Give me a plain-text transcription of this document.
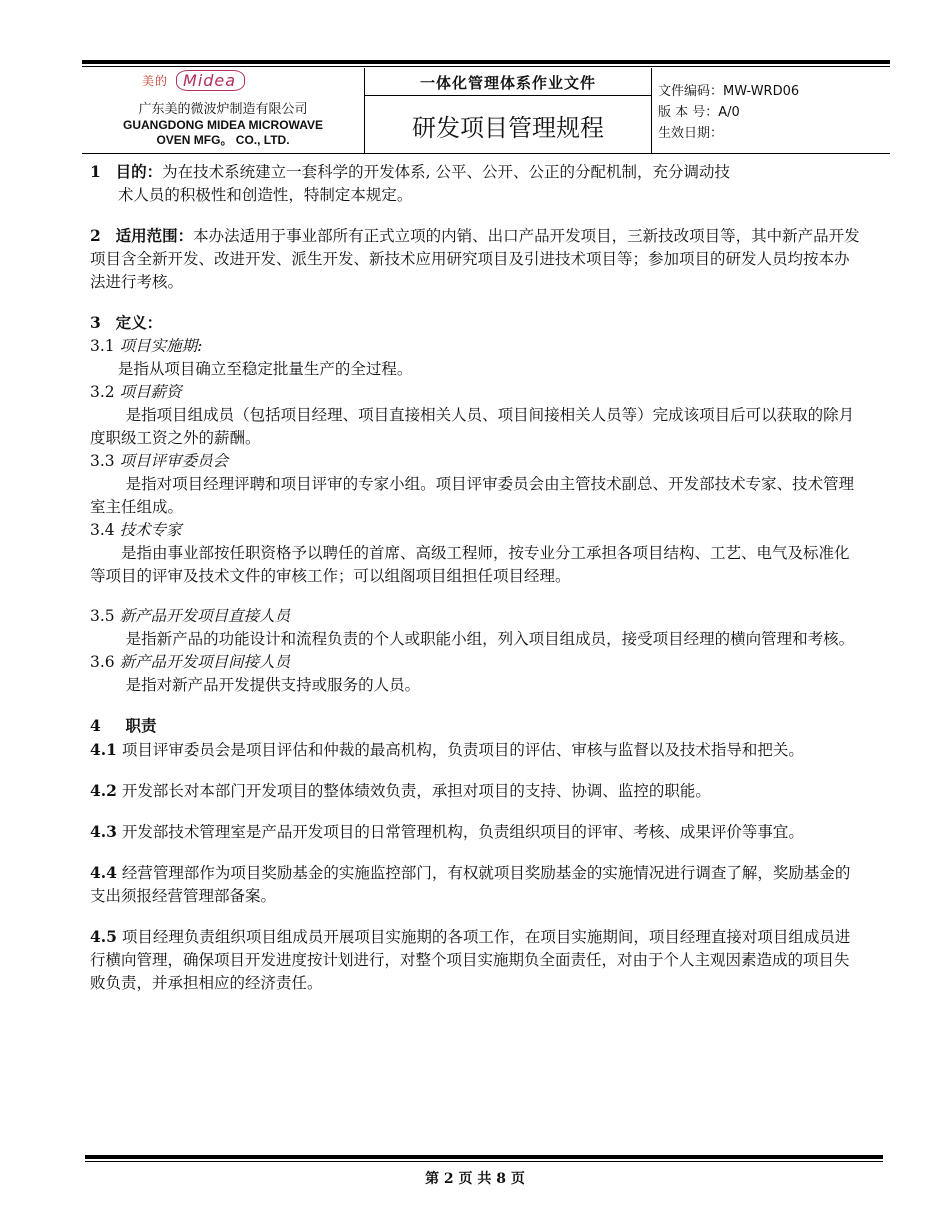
美的 Midea
广东美的微波炉制造有限公司
GUANGDONG MIDEA MICROWAVE
OVEN MFG。 CO., LTD.
一体化管理体系作业文件
研发项目管理规程
文件编码：MW-WRD06
版 本 号：A/0
生效日期：

1 目的：为在技术系统建立一套科学的开发体系, 公平、公开、公正的分配机制，充分调动技

术人员的积极性和创造性，特制定本规定。

2 适用范围：本办法适用于事业部所有正式立项的内销、出口产品开发项目，三新技改项目等，其中新产品开发项目含全新开发、改进开发、派生开发、新技术应用研究项目及引进技术项目等；参加项目的研发人员均按本办法进行考核。

3 定义：

3.1 项目实施期:

是指从项目确立至稳定批量生产的全过程。

3.2 项目薪资

是指项目组成员（包括项目经理、项目直接相关人员、项目间接相关人员等）完成该项目后可以获取的除月度职级工资之外的薪酬。

3.3 项目评审委员会

是指对项目经理评聘和项目评审的专家小组。项目评审委员会由主管技术副总、开发部技术专家、技术管理室主任组成。

3.4 技术专家

是指由事业部按任职资格予以聘任的首席、高级工程师，按专业分工承担各项目结构、工艺、电气及标准化等项目的评审及技术文件的审核工作；可以组阁项目组担任项目经理。

3.5 新产品开发项目直接人员

是指新产品的功能设计和流程负责的个人或职能小组，列入项目组成员，接受项目经理的横向管理和考核。

3.6 新产品开发项目间接人员

是指对新产品开发提供支持或服务的人员。

4 职责

4.1 项目评审委员会是项目评估和仲裁的最高机构，负责项目的评估、审核与监督以及技术指导和把关。

4.2 开发部长对本部门开发项目的整体绩效负责，承担对项目的支持、协调、监控的职能。

4.3 开发部技术管理室是产品开发项目的日常管理机构，负责组织项目的评审、考核、成果评价等事宜。

4.4 经营管理部作为项目奖励基金的实施监控部门，有权就项目奖励基金的实施情况进行调查了解，奖励基金的支出须报经营管理部备案。

4.5 项目经理负责组织项目组成员开展项目实施期的各项工作，在项目实施期间，项目经理直接对项目组成员进行横向管理，确保项目开发进度按计划进行，对整个项目实施期负全面责任，对由于个人主观因素造成的项目失败负责，并承担相应的经济责任。

第 2 页 共 8 页
